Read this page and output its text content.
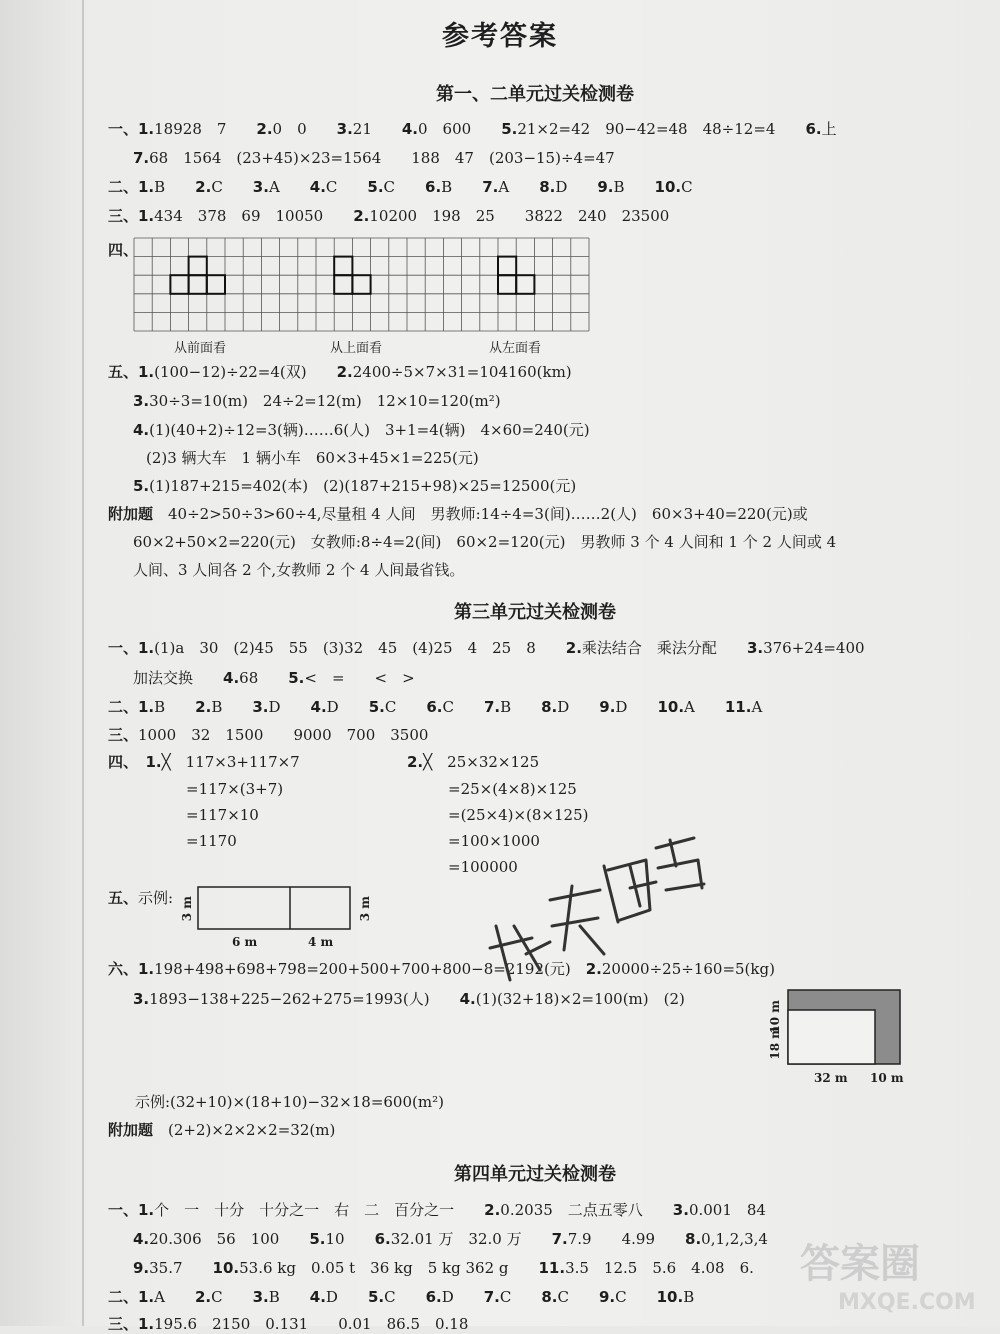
参考答案
第一、二单元过关检测卷
第三单元过关检测卷
第四单元过关检测卷
一、1.18928　7　　2.0　0　　3.21　　4.0　600　　5.21×2=42　90−42=48　48÷12=4　　6.上
7.68　1564　(23+45)×23=1564　　188　47　(203−15)÷4=47
二、1.B　　2.C　　3.A　　4.C　　5.C　　6.B　　7.A　　8.D　　9.B　　10.C
三、1.434　378　69　10050　　2.10200　198　25　　3822　240　23500
四、
五、1.(100−12)÷22=4(双)　　2.2400÷5×7×31=104160(km)
3.30÷3=10(m)　24÷2=12(m)　12×10=120(m²)
4.(1)(40+2)÷12=3(辆)……6(人)　3+1=4(辆)　4×60=240(元)
(2)3 辆大车　1 辆小车　60×3+45×1=225(元)
5.(1)187+215=402(本)　(2)(187+215+98)×25=12500(元)
附加题　40÷2>50÷3>60÷4,尽量租 4 人间　男教师:14÷4=3(间)……2(人)　60×3+40=220(元)或
60×2+50×2=220(元)　女教师:8÷4=2(间)　60×2=120(元)　男教师 3 个 4 人间和 1 个 2 人间或 4
人间、3 人间各 2 个,女教师 2 个 4 人间最省钱。
一、1.(1)a　30　(2)45　55　(3)32　45　(4)25　4　25　8　　2.乘法结合　乘法分配　　3.376+24=400
加法交换　　4.68　　5.<　=　　<　>
二、1.B　　2.B　　3.D　　4.D　　5.C　　6.C　　7.B　　8.D　　9.D　　10.A　　11.A
三、1000　32　1500　　9000　700　3500
四、　1.╳　117×3+117×7
=117×(3+7)
=117×10
=1170
2.╳　25×32×125
=25×(4×8)×125
=(25×4)×(8×125)
=100×1000
=100000
五、示例:
六、1.198+498+698+798=200+500+700+800−8=2192(元)　2.20000÷25÷160=5(kg)
3.1893−138+225−262+275=1993(人)　　4.(1)(32+18)×2=100(m)　(2)
示例:(32+10)×(18+10)−32×18=600(m²)
附加题　(2+2)×2×2×2=32(m)
一、1.个　一　十分　十分之一　右　二　百分之一　　2.0.2035　二点五零八　　3.0.001　84
4.20.306　56　100　　5.10　　6.32.01 万　32.0 万　　7.7.9　　4.99　　8.0,1,2,3,4
9.35.7　　10.53.6 kg　0.05 t　36 kg　5 kg 362 g　　11.3.5　12.5　5.6　4.08　6.
二、1.A　　2.C　　3.B　　4.D　　5.C　　6.D　　7.C　　8.C　　9.C　　10.B
三、1.195.6　2150　0.131　　0.01　86.5　0.18
从前面看	从上面看	从左面看
3 m	3 m
6 m	4 m
10 m
18 m
32 m 10 m
答案圈
MXQE.COM
